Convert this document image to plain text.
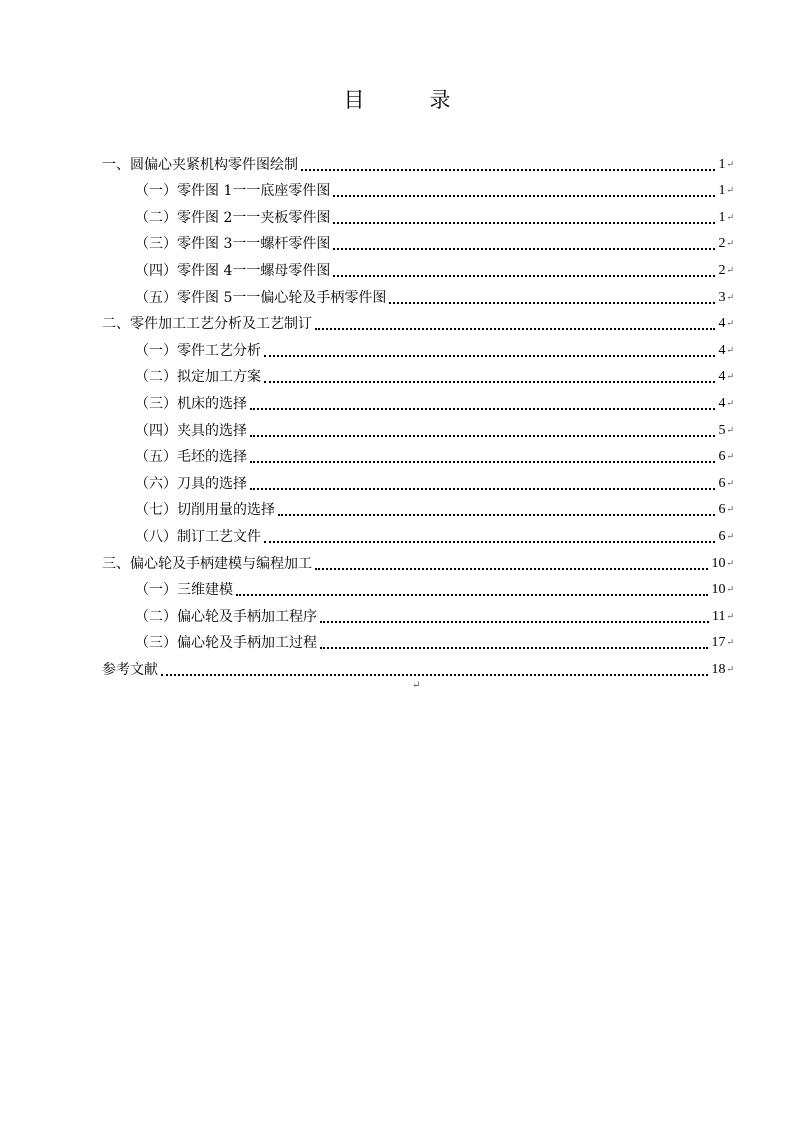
目　录
一、圆偏心夹紧机构零件图绘制	1 ↵
（一）零件图 1一一底座零件图	1 ↵
（二）零件图 2一一夹板零件图	1 ↵
（三）零件图 3一一螺杆零件图	2 ↵
（四）零件图 4一一螺母零件图	2 ↵
（五）零件图 5一一偏心轮及手柄零件图	3 ↵
二、零件加工工艺分析及工艺制订	4 ↵
（一）零件工艺分析	4 ↵
（二）拟定加工方案	4 ↵
（三）机床的选择	4 ↵
（四）夹具的选择	5 ↵
（五）毛坯的选择	6 ↵
（六）刀具的选择	6 ↵
（七）切削用量的选择	6 ↵
（八）制订工艺文件	6 ↵
三、偏心轮及手柄建模与编程加工	10 ↵
（一）三维建模	10 ↵
（二）偏心轮及手柄加工程序	11 ↵
（三）偏心轮及手柄加工过程	17 ↵
参考文献	18 ↵
↵
